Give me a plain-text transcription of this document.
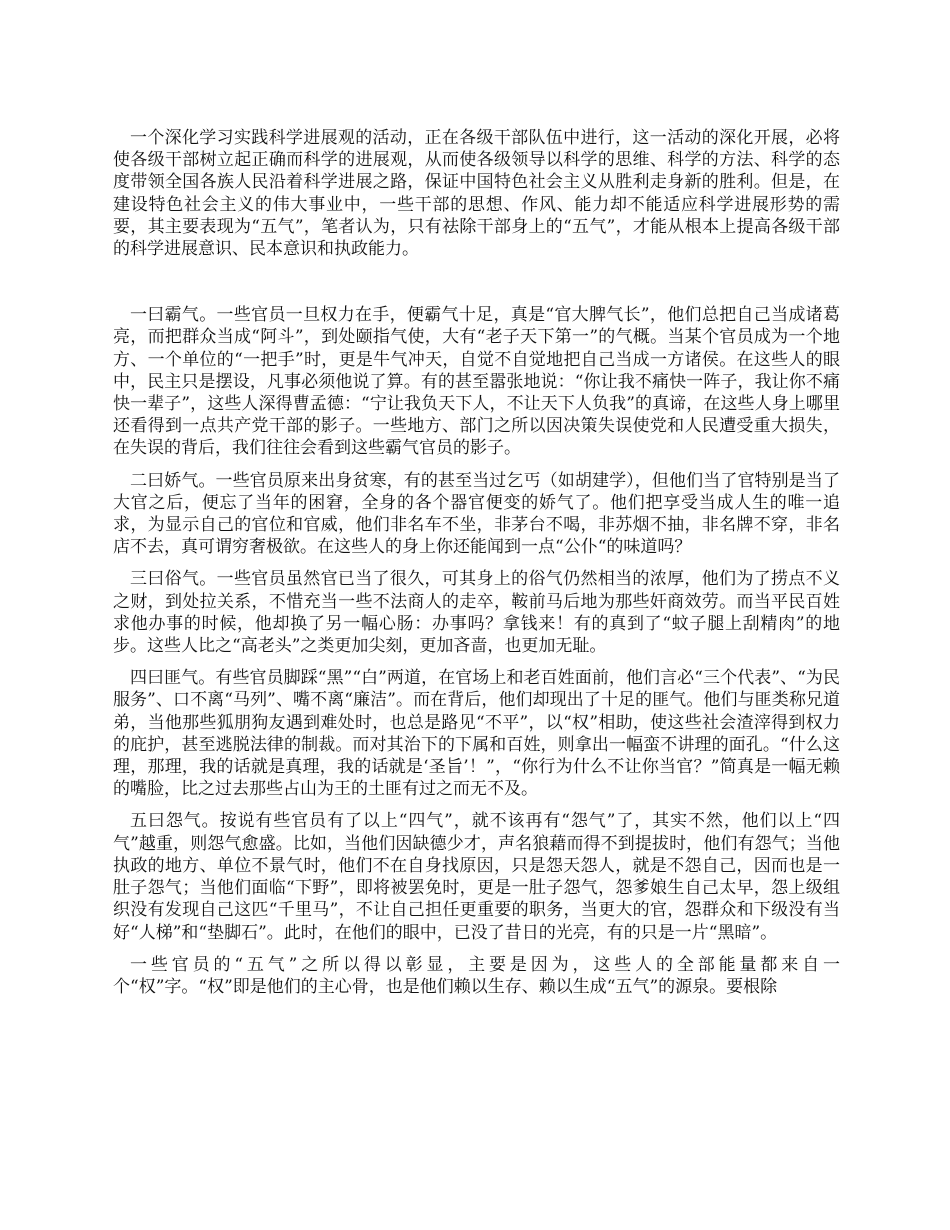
一个深化学习实践科学进展观的活动，正在各级干部队伍中进行，这一活动的深化开展，必将使各级干部树立起正确而科学的进展观，从而使各级领导以科学的思维、科学的方法、科学的态度带领全国各族人民沿着科学进展之路，保证中国特色社会主义从胜利走身新的胜利。但是，在建设特色社会主义的伟大事业中，一些干部的思想、作风、能力却不能适应科学进展形势的需要，其主要表现为“五气”，笔者认为，只有祛除干部身上的“五气”，才能从根本上提高各级干部的科学进展意识、民本意识和执政能力。

一曰霸气。一些官员一旦权力在手，便霸气十足，真是“官大脾气长”，他们总把自己当成诸葛亮，而把群众当成“阿斗”，到处颐指气使，大有“老子天下第一”的气概。当某个官员成为一个地方、一个单位的“一把手”时，更是牛气冲天，自觉不自觉地把自己当成一方诸侯。在这些人的眼中，民主只是摆设，凡事必须他说了算。有的甚至嚣张地说：“你让我不痛快一阵子，我让你不痛快一辈子”，这些人深得曹孟德：“宁让我负天下人，不让天下人负我”的真谛，在这些人身上哪里还看得到一点共产党干部的影子。一些地方、部门之所以因决策失误使党和人民遭受重大损失，在失误的背后，我们往往会看到这些霸气官员的影子。

二曰娇气。一些官员原来出身贫寒，有的甚至当过乞丐（如胡建学），但他们当了官特别是当了大官之后，便忘了当年的困窘，全身的各个器官便变的娇气了。他们把享受当成人生的唯一追求，为显示自己的官位和官威，他们非名车不坐，非茅台不喝，非苏烟不抽，非名牌不穿，非名店不去，真可谓穷奢极欲。在这些人的身上你还能闻到一点“公仆“的味道吗？

三曰俗气。一些官员虽然官已当了很久，可其身上的俗气仍然相当的浓厚，他们为了捞点不义之财，到处拉关系，不惜充当一些不法商人的走卒，鞍前马后地为那些奸商效劳。而当平民百姓求他办事的时候，他却换了另一幅心肠：办事吗？拿钱来！有的真到了“蚊子腿上刮精肉”的地步。这些人比之“高老头”之类更加尖刻，更加吝啬，也更加无耻。

四曰匪气。有些官员脚踩“黑”“白”两道，在官场上和老百姓面前，他们言必“三个代表”、“为民服务”、口不离“马列”、嘴不离“廉洁”。而在背后，他们却现出了十足的匪气。他们与匪类称兄道弟，当他那些狐朋狗友遇到难处时，也总是路见“不平”，以“权”相助，使这些社会渣滓得到权力的庇护，甚至逃脱法律的制裁。而对其治下的下属和百姓，则拿出一幅蛮不讲理的面孔。“什么这理，那理，我的话就是真理，我的话就是‘圣旨’！”，“你行为什么不让你当官？”简真是一幅无赖的嘴脸，比之过去那些占山为王的土匪有过之而无不及。

五曰怨气。按说有些官员有了以上“四气”，就不该再有“怨气”了，其实不然，他们以上“四气”越重，则怨气愈盛。比如，当他们因缺德少才，声名狼藉而得不到提拔时，他们有怨气；当他执政的地方、单位不景气时，他们不在自身找原因，只是怨天怨人，就是不怨自己，因而也是一肚子怨气；当他们面临“下野”，即将被罢免时，更是一肚子怨气，怨爹娘生自己太早，怨上级组织没有发现自己这匹“千里马”，不让自己担任更重要的职务，当更大的官，怨群众和下级没有当好“人梯”和“垫脚石”。此时，在他们的眼中，已没了昔日的光亮，有的只是一片“黑暗”。

一些官员的“五气”之所以得以彰显，主要是因为，这些人的全部能量都来自一个“权”字。“权”即是他们的主心骨，也是他们赖以生存、赖以生成“五气”的源泉。要根除
